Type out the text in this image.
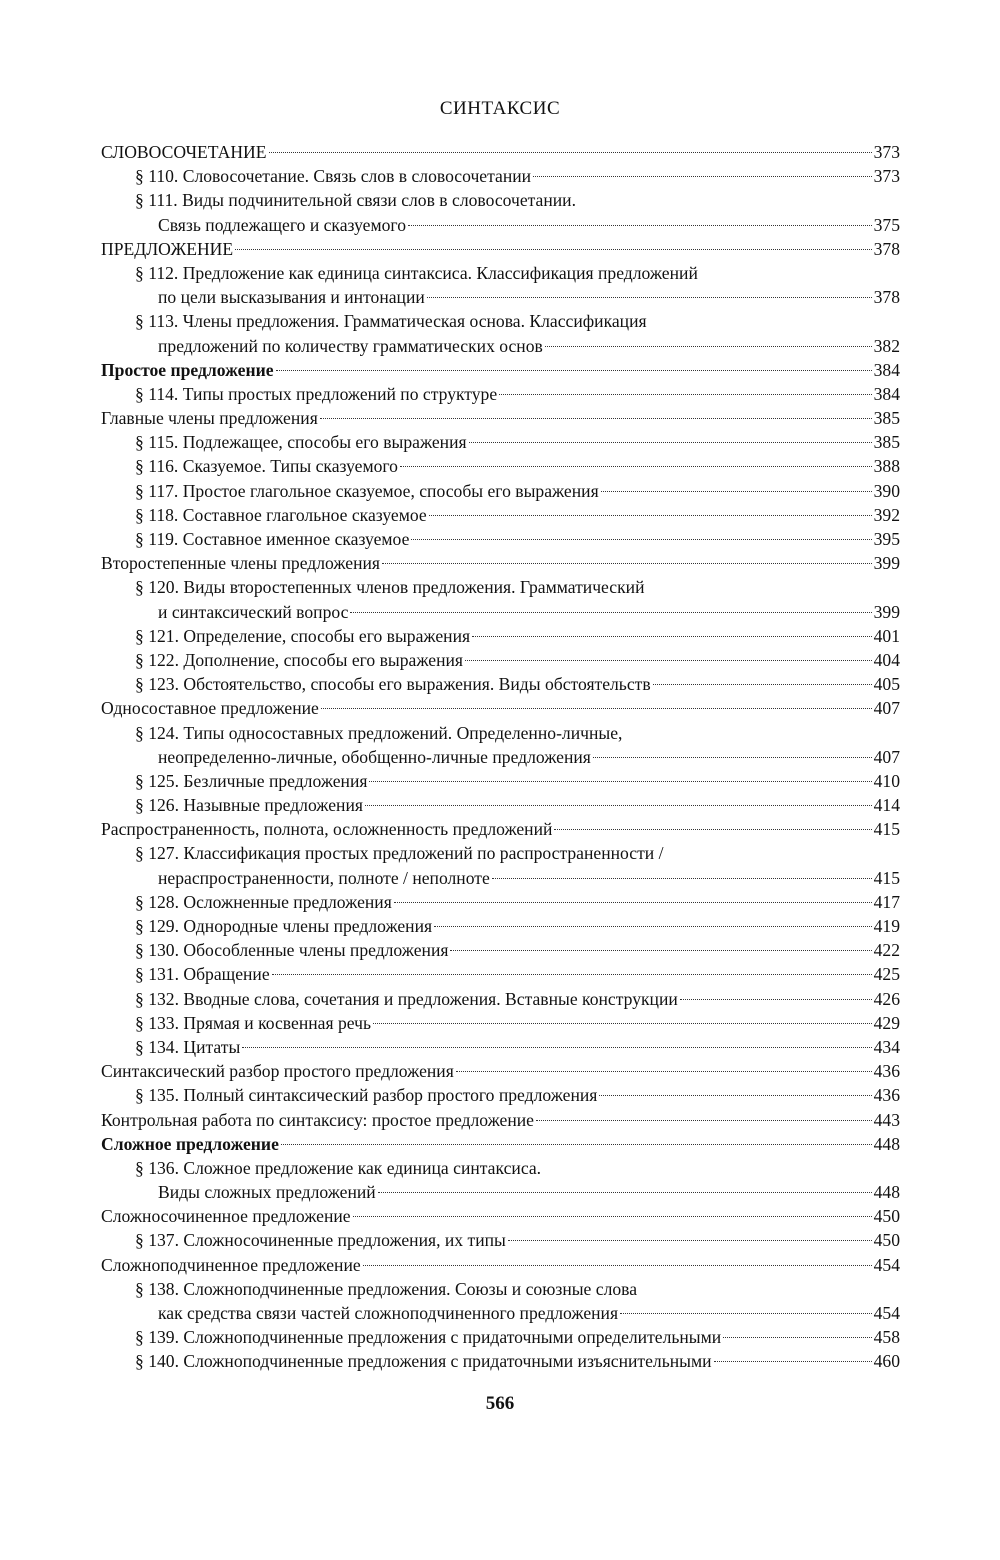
СИНТАКСИС
СЛОВОСОЧЕТАНИЕ	373
§ 110. Словосочетание. Связь слов в словосочетании	373
§ 111. Виды подчинительной связи слов в словосочетании.
Связь подлежащего и сказуемого	375
ПРЕДЛОЖЕНИЕ	378
§ 112. Предложение как единица синтаксиса. Классификация предложений
по цели высказывания и интонации	378
§ 113. Члены предложения. Грамматическая основа. Классификация
предложений по количеству грамматических основ	382
Простое предложение	384
§ 114. Типы простых предложений по структуре	384
Главные члены предложения	385
§ 115. Подлежащее, способы его выражения	385
§ 116. Сказуемое. Типы сказуемого	388
§ 117. Простое глагольное сказуемое, способы его выражения	390
§ 118. Составное глагольное сказуемое	392
§ 119. Составное именное сказуемое	395
Второстепенные члены предложения	399
§ 120. Виды второстепенных членов предложения. Грамматический
и синтаксический вопрос	399
§ 121. Определение, способы его выражения	401
§ 122. Дополнение, способы его выражения	404
§ 123. Обстоятельство, способы его выражения. Виды обстоятельств	405
Односоставное предложение	407
§ 124. Типы односоставных предложений. Определенно-личные,
неопределенно-личные, обобщенно-личные предложения	407
§ 125. Безличные предложения	410
§ 126. Назывные предложения	414
Распространенность, полнота, осложненность предложений	415
§ 127. Классификация простых предложений по распространенности /
нераспространенности, полноте / неполноте	415
§ 128. Осложненные предложения	417
§ 129. Однородные члены предложения	419
§ 130. Обособленные члены предложения	422
§ 131. Обращение	425
§ 132. Вводные слова, сочетания и предложения. Вставные конструкции	426
§ 133. Прямая и косвенная речь	429
§ 134. Цитаты	434
Синтаксический разбор простого предложения	436
§ 135. Полный синтаксический разбор простого предложения	436
Контрольная работа по синтаксису: простое предложение	443
Сложное предложение	448
§ 136. Сложное предложение как единица синтаксиса.
Виды сложных предложений	448
Сложносочиненное предложение	450
§ 137. Сложносочиненные предложения, их типы	450
Сложноподчиненное предложение	454
§ 138. Сложноподчиненные предложения. Союзы и союзные слова
как средства связи частей сложноподчиненного предложения	454
§ 139. Сложноподчиненные предложения с придаточными определительными	458
§ 140. Сложноподчиненные предложения с придаточными изъяснительными	460
566
